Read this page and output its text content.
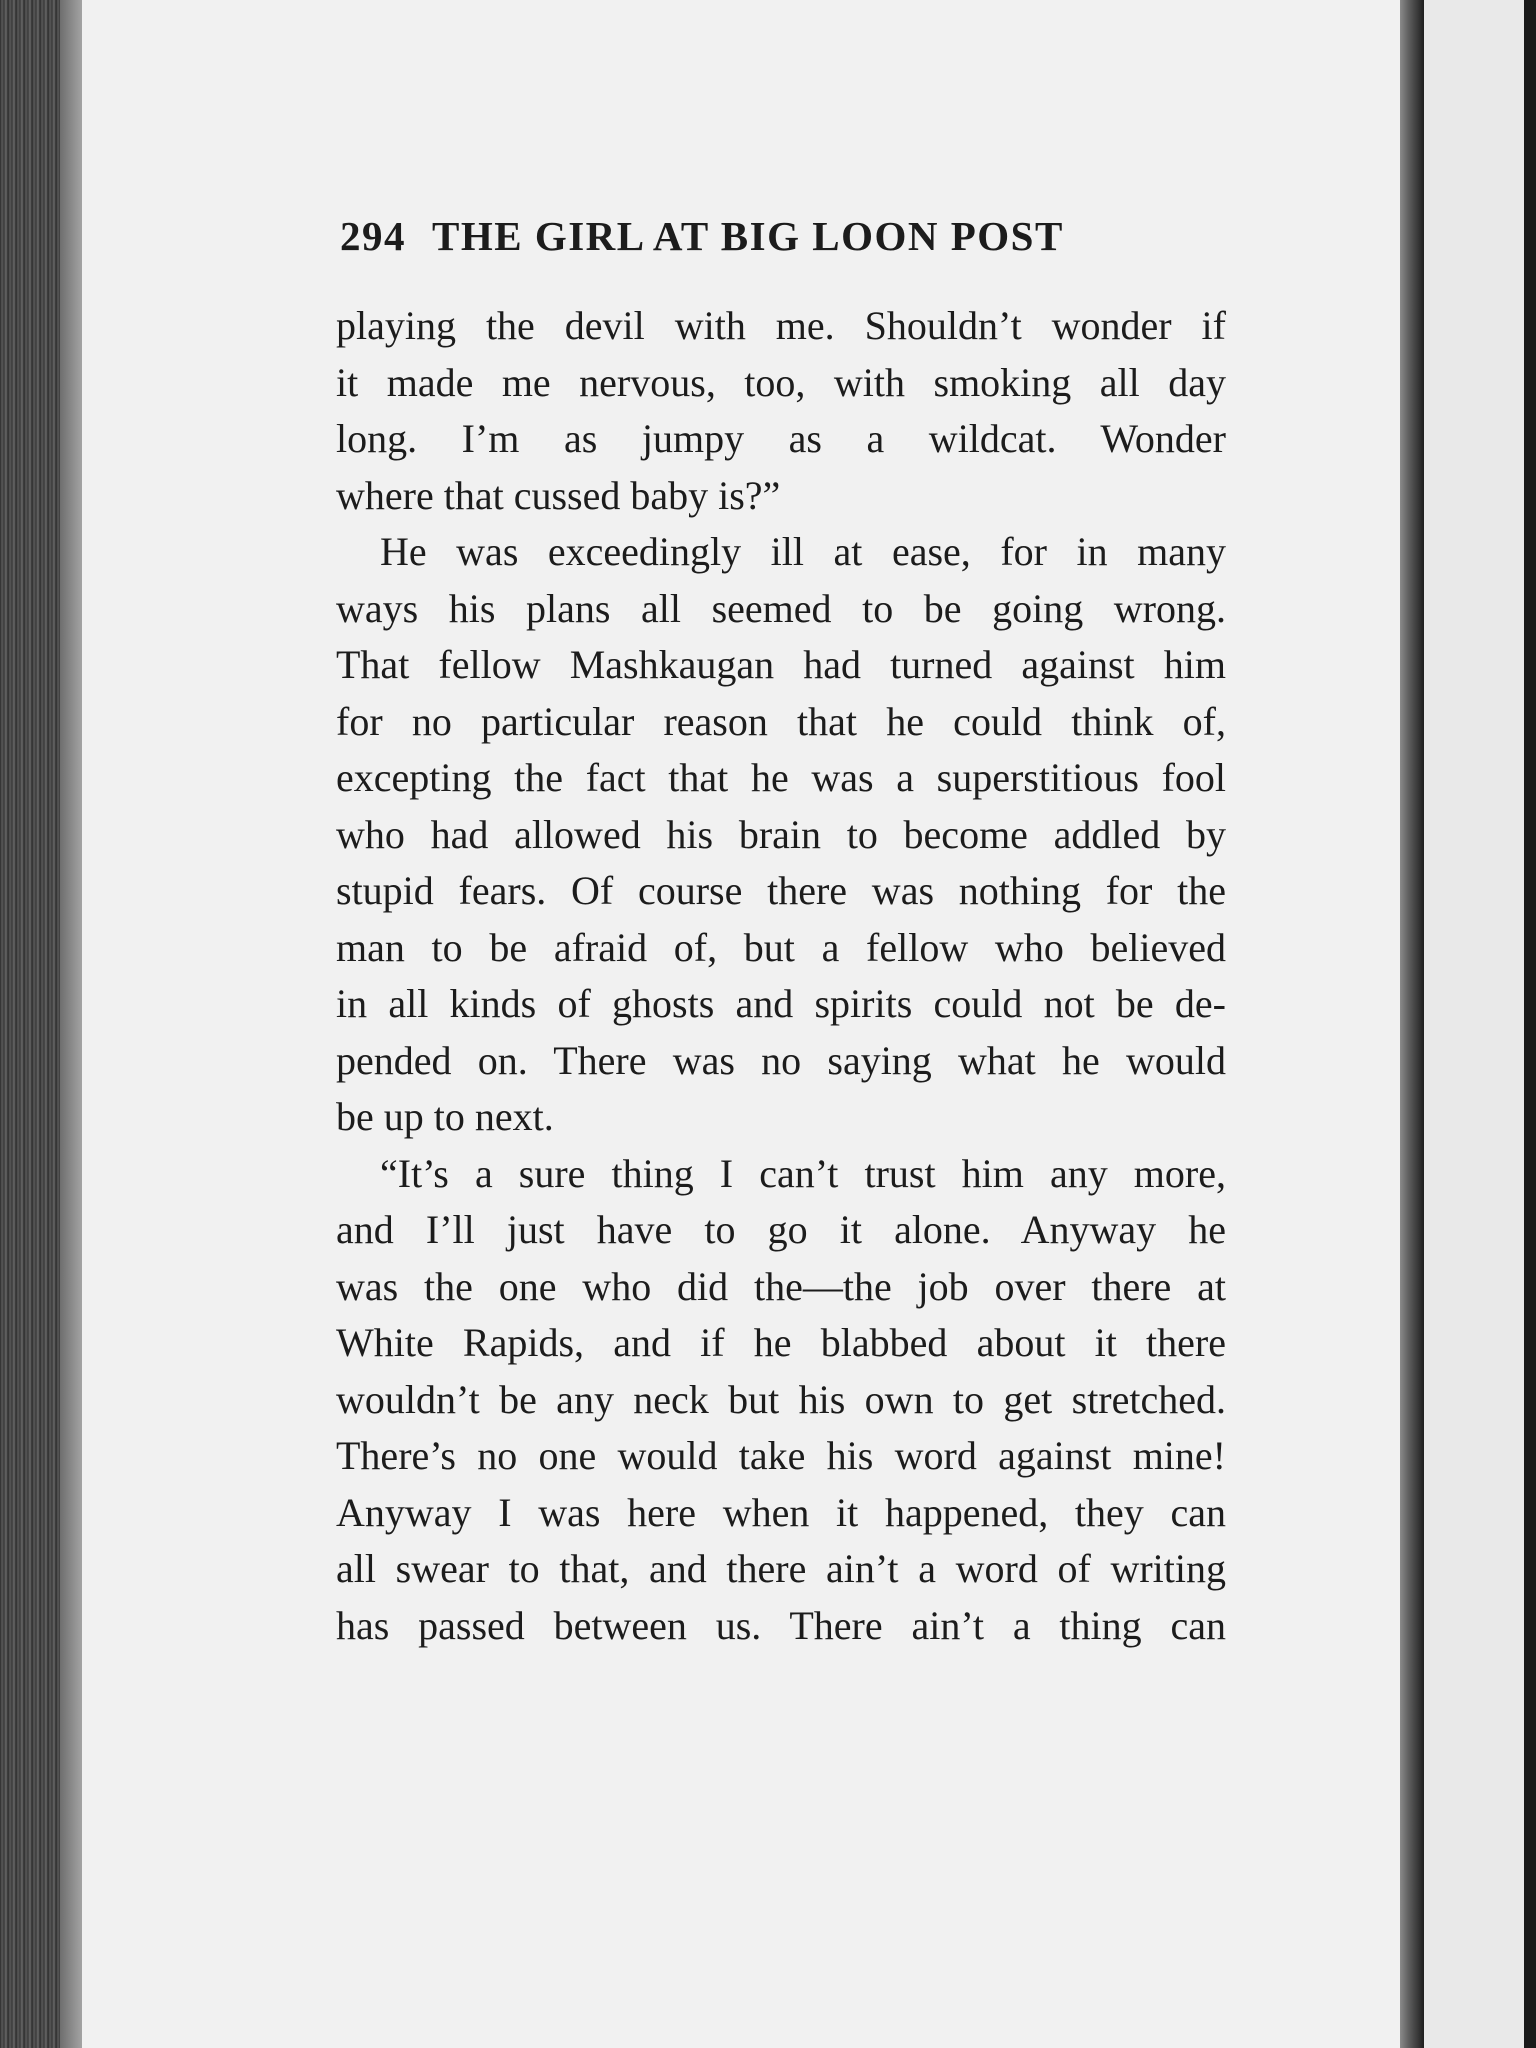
294 THE GIRL AT BIG LOON POST
playing the devil with me. Shouldn’t wonder if
it made me nervous, too, with smoking all day
long. I’m as jumpy as a wildcat. Wonder
where that cussed baby is?”
He was exceedingly ill at ease, for in many
ways his plans all seemed to be going wrong.
That fellow Mashkaugan had turned against him
for no particular reason that he could think of,
excepting the fact that he was a superstitious fool
who had allowed his brain to become addled by
stupid fears. Of course there was nothing for the
man to be afraid of, but a fellow who believed
in all kinds of ghosts and spirits could not be de-
pended on. There was no saying what he would
be up to next.
“It’s a sure thing I can’t trust him any more,
and I’ll just have to go it alone. Anyway he
was the one who did the—the job over there at
White Rapids, and if he blabbed about it there
wouldn’t be any neck but his own to get stretched.
There’s no one would take his word against mine!
Anyway I was here when it happened, they can
all swear to that, and there ain’t a word of writing
has passed between us. There ain’t a thing can
